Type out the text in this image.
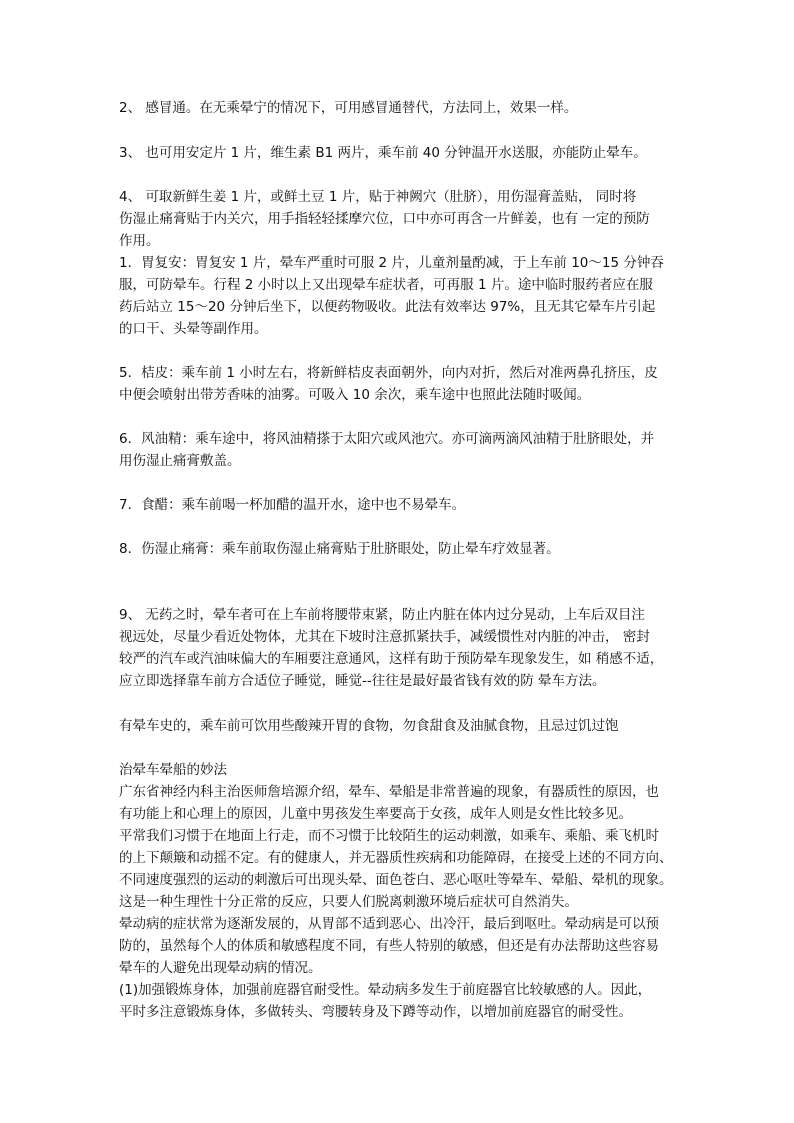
2、 感冒通。在无乘晕宁的情况下，可用感冒通替代，方法同上，效果一样。
3、 也可用安定片 1 片，维生素 B1 两片，乘车前 40 分钟温开水送服，亦能防止晕车。
4、 可取新鲜生姜 1 片，或鲜土豆 1 片，贴于神阙穴（肚脐），用伤湿膏盖贴， 同时将
伤湿止痛膏贴于内关穴，用手指轻轻揉摩穴位，口中亦可再含一片鲜姜，也有 一定的预防
作用。
1．胃复安：胃复安 1 片，晕车严重时可服 2 片，儿童剂量酌减，于上车前 10～15 分钟吞
服，可防晕车。行程 2 小时以上又出现晕车症状者，可再服 1 片。途中临时服药者应在服
药后站立 15～20 分钟后坐下，以便药物吸收。此法有效率达 97%，且无其它晕车片引起
的口干、头晕等副作用。
5．桔皮：乘车前 1 小时左右，将新鲜桔皮表面朝外，向内对折，然后对准两鼻孔挤压，皮
中便会喷射出带芳香味的油雾。可吸入 10 余次，乘车途中也照此法随时吸闻。
6．风油精：乘车途中，将风油精搽于太阳穴或风池穴。亦可滴两滴风油精于肚脐眼处，并
用伤湿止痛膏敷盖。
7．食醋：乘车前喝一杯加醋的温开水，途中也不易晕车。
8．伤湿止痛膏：乘车前取伤湿止痛膏贴于肚脐眼处，防止晕车疗效显著。
9、 无药之时，晕车者可在上车前将腰带束紧，防止内脏在体内过分晃动，上车后双目注
视远处，尽量少看近处物体，尤其在下坡时注意抓紧扶手，减缓惯性对内脏的冲击， 密封
较严的汽车或汽油味偏大的车厢要注意通风，这样有助于预防晕车现象发生，如 稍感不适，
应立即选择靠车前方合适位子睡觉，睡觉--往往是最好最省钱有效的防 晕车方法。
有晕车史的，乘车前可饮用些酸辣开胃的食物，勿食甜食及油腻食物，且忌过饥过饱
治晕车晕船的妙法
广东省神经内科主治医师詹培源介绍，晕车、晕船是非常普遍的现象，有器质性的原因，也
有功能上和心理上的原因，儿童中男孩发生率要高于女孩，成年人则是女性比较多见。
平常我们习惯于在地面上行走，而不习惯于比较陌生的运动刺激，如乘车、乘船、乘飞机时
的上下颠簸和动摇不定。有的健康人，并无器质性疾病和功能障碍，在接受上述的不同方向、
不同速度强烈的运动的刺激后可出现头晕、面色苍白、恶心呕吐等晕车、晕船、晕机的现象。
这是一种生理性十分正常的反应，只要人们脱离刺激环境后症状可自然消失。
晕动病的症状常为逐渐发展的，从胃部不适到恶心、出冷汗，最后到呕吐。晕动病是可以预
防的，虽然每个人的体质和敏感程度不同，有些人特别的敏感，但还是有办法帮助这些容易
晕车的人避免出现晕动病的情况。
(1)加强锻炼身体，加强前庭器官耐受性。晕动病多发生于前庭器官比较敏感的人。因此，
平时多注意锻炼身体，多做转头、弯腰转身及下蹲等动作，以增加前庭器官的耐受性。
